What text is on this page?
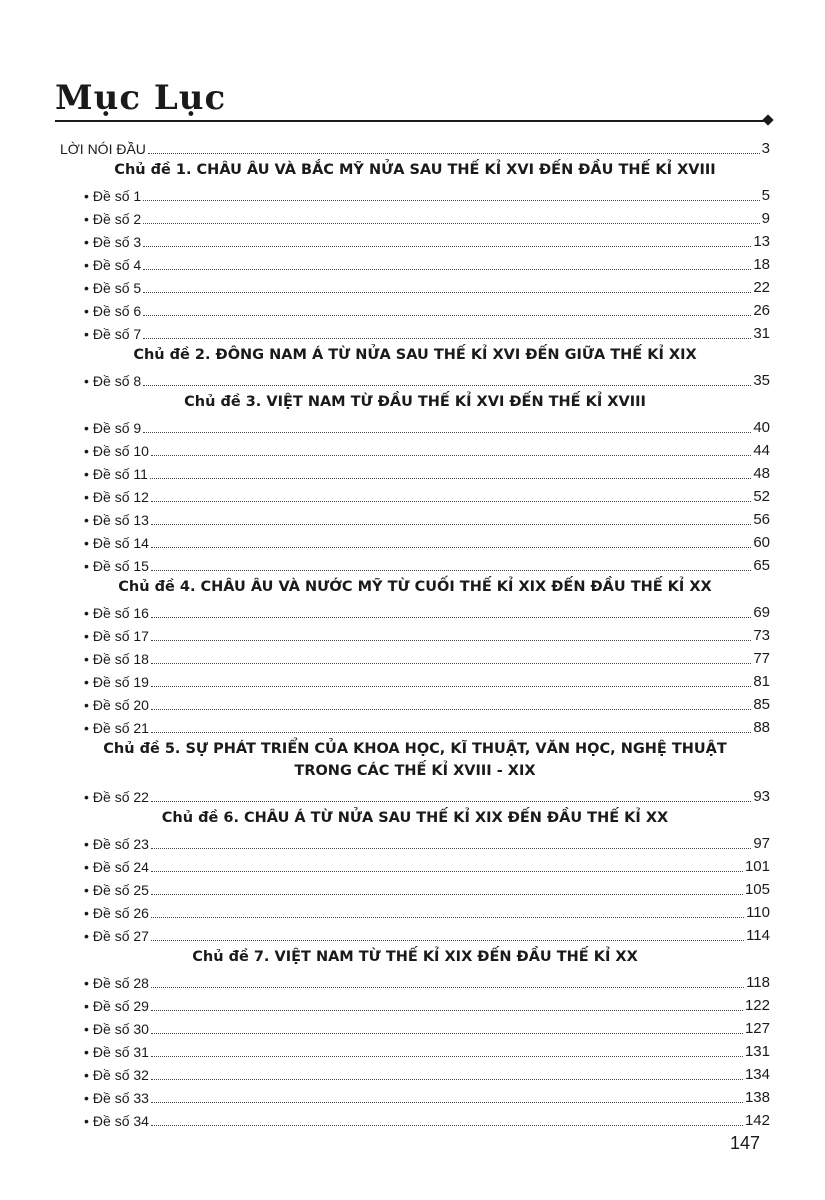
Mục Lục
LỜI NÓI ĐẦU	3
Chủ đề 1. CHÂU ÂU VÀ BẮC MỸ NỬA SAU THẾ KỈ XVI ĐẾN ĐẦU THẾ KỈ XVIII
• Đề số 1	5
• Đề số 2	9
• Đề số 3	13
• Đề số 4	18
• Đề số 5	22
• Đề số 6	26
• Đề số 7	31
Chủ đề 2. ĐÔNG NAM Á TỪ NỬA SAU THẾ KỈ XVI ĐẾN GIỮA THẾ KỈ XIX
• Đề số 8	35
Chủ đề 3. VIỆT NAM TỪ ĐẦU THẾ KỈ XVI ĐẾN THẾ KỈ XVIII
• Đề số 9	40
• Đề số 10	44
• Đề số 11	48
• Đề số 12	52
• Đề số 13	56
• Đề số 14	60
• Đề số 15	65
Chủ đề 4. CHÂU ÂU VÀ NƯỚC MỸ TỪ CUỐI THẾ KỈ XIX ĐẾN ĐẦU THẾ KỈ XX
• Đề số 16	69
• Đề số 17	73
• Đề số 18	77
• Đề số 19	81
• Đề số 20	85
• Đề số 21	88
Chủ đề 5. SỰ PHÁT TRIỂN CỦA KHOA HỌC, KĨ THUẬT, VĂN HỌC, NGHỆ THUẬT
TRONG CÁC THẾ KỈ XVIII - XIX
• Đề số 22	93
Chủ đề 6. CHÂU Á TỪ NỬA SAU THẾ KỈ XIX ĐẾN ĐẦU THẾ KỈ XX
• Đề số 23	97
• Đề số 24	101
• Đề số 25	105
• Đề số 26	110
• Đề số 27	114
Chủ đề 7. VIỆT NAM TỪ THẾ KỈ XIX ĐẾN ĐẦU THẾ KỈ XX
• Đề số 28	118
• Đề số 29	122
• Đề số 30	127
• Đề số 31	131
• Đề số 32	134
• Đề số 33	138
• Đề số 34	142
147
